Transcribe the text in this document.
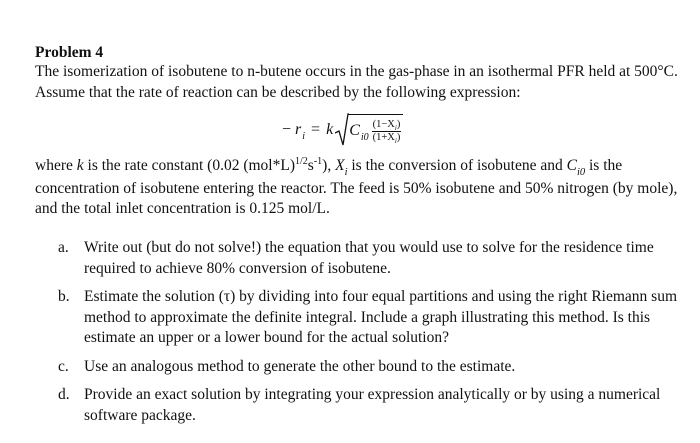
Problem 4

The isomerization of isobutene to n-butene occurs in the gas-phase in an isothermal PFR held at 500°C. Assume that the rate of reaction can be described by the following expression:

− r i = k C $i0 \frac{(1-X_i)}{(1+X_i)}$

where k is the rate constant (0.02 $(mol*L)^{1/2}s^{-1}$), $X_i$ is the conversion of isobutene and $C_{i0}$ is the concentration of isobutene entering the reactor. The feed is 50% isobutene and 50% nitrogen (by mole), and the total inlet concentration is 0.125 mol/L.

a. Write out (but do not solve!) the equation that you would use to solve for the residence time required to achieve 80% conversion of isobutene.
b. Estimate the solution (τ) by dividing into four equal partitions and using the right Riemann sum method to approximate the definite integral. Include a graph illustrating this method. Is this estimate an upper or a lower bound for the actual solution?
c. Use an analogous method to generate the other bound to the estimate.
d. Provide an exact solution by integrating your expression analytically or by using a numerical software package.
